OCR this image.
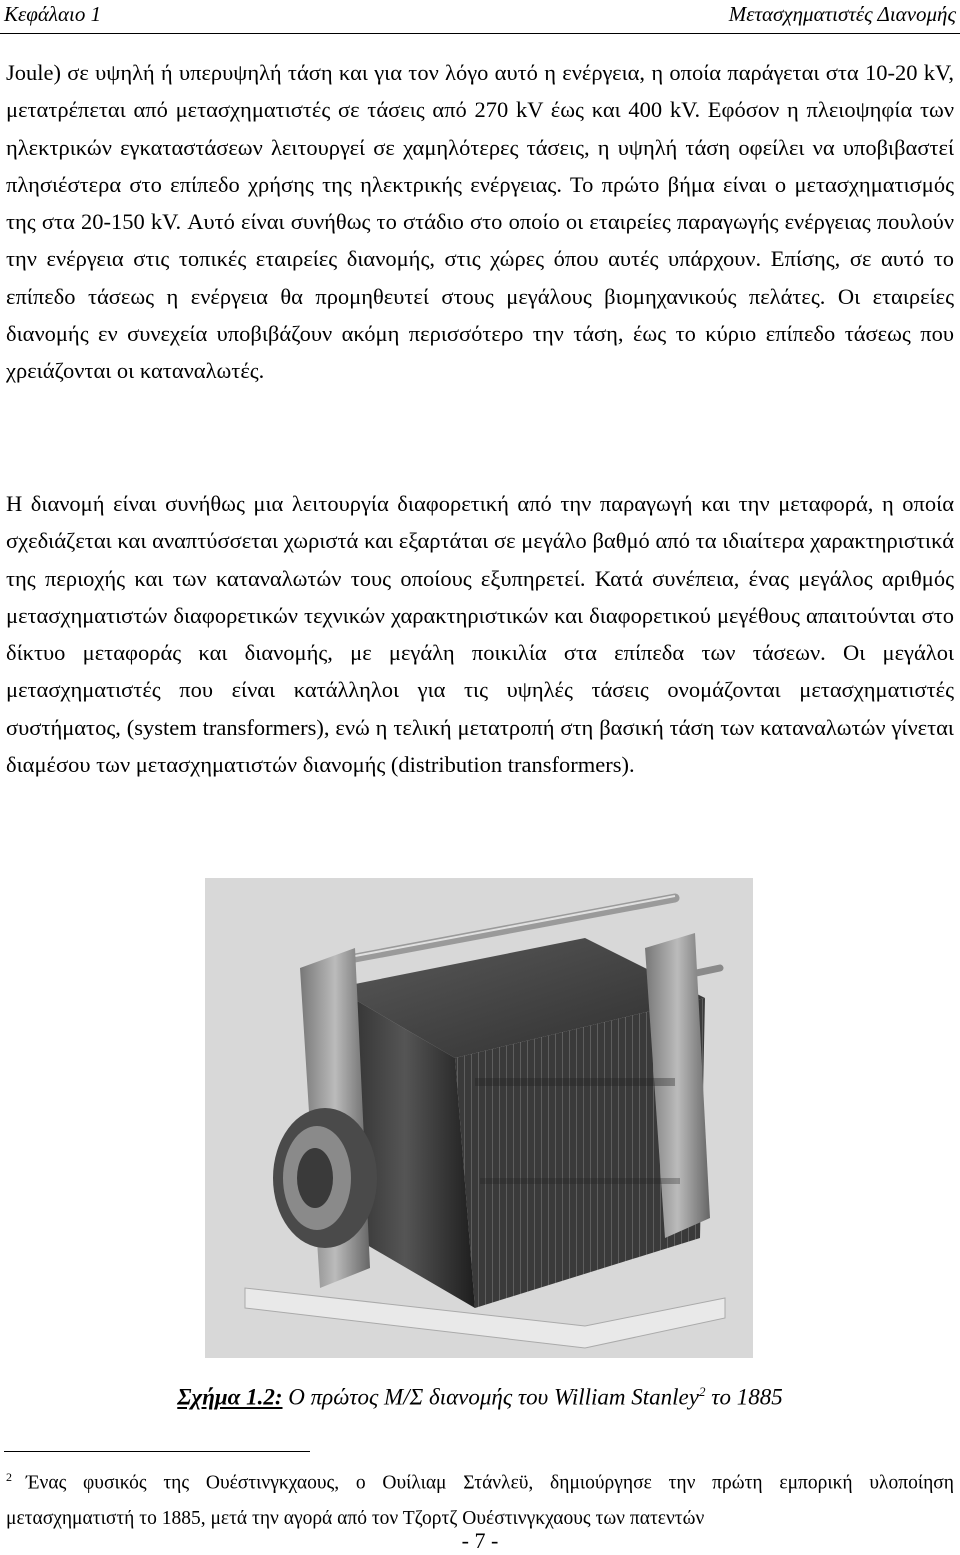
Κεφάλαιο 1	Μετασχηματιστές Διανομής

Joule) σε υψηλή ή υπερυψηλή τάση και για τον λόγο αυτό η ενέργεια, η οποία παράγεται στα 10-20 kV, μετατρέπεται από μετασχηματιστές σε τάσεις από 270 kV έως και 400 kV. Εφόσον η πλειοψηφία των ηλεκτρικών εγκαταστάσεων λειτουργεί σε χαμηλότερες τάσεις, η υψηλή τάση οφείλει να υποβιβαστεί πλησιέστερα στο επίπεδο χρήσης της ηλεκτρικής ενέργειας. Το πρώτο βήμα είναι ο μετασχηματισμός της στα 20-150 kV. Αυτό είναι συνήθως το στάδιο στο οποίο οι εταιρείες παραγωγής ενέργειας πουλούν την ενέργεια στις τοπικές εταιρείες διανομής, στις χώρες όπου αυτές υπάρχουν. Επίσης, σε αυτό το επίπεδο τάσεως η ενέργεια θα προμηθευτεί στους μεγάλους βιομηχανικούς πελάτες. Οι εταιρείες διανομής εν συνεχεία υποβιβάζουν ακόμη περισσότερο την τάση, έως το κύριο επίπεδο τάσεως που χρειάζονται οι καταναλωτές.

Η διανομή είναι συνήθως μια λειτουργία διαφορετική από την παραγωγή και την μεταφορά, η οποία σχεδιάζεται και αναπτύσσεται χωριστά και εξαρτάται σε μεγάλο βαθμό από τα ιδιαίτερα χαρακτηριστικά της περιοχής και των καταναλωτών τους οποίους εξυπηρετεί. Κατά συνέπεια, ένας μεγάλος αριθμός μετασχηματιστών διαφορετικών τεχνικών χαρακτηριστικών και διαφορετικού μεγέθους απαιτούνται στο δίκτυο μεταφοράς και διανομής, με μεγάλη ποικιλία στα επίπεδα των τάσεων. Οι μεγάλοι μετασχηματιστές που είναι κατάλληλοι για τις υψηλές τάσεις ονομάζονται μετασχηματιστές συστήματος, (system transformers), ενώ η τελική μετατροπή στη βασική τάση των καταναλωτών γίνεται διαμέσου των μετασχηματιστών διανομής (distribution transformers).

Σχήμα 1.2: Ο πρώτος Μ/Σ διανομής του William Stanley$^2$ το 1885
$^2$ Ένας φυσικός της Ουέστινγκχαους, ο Ουίλιαμ Στάνλεϋ, δημιούργησε την πρώτη εμπορική υλοποίηση μετασχηματιστή το 1885, μετά την αγορά από τον Τζορτζ Ουέστινγκχαους των πατεντών
- 7 -
